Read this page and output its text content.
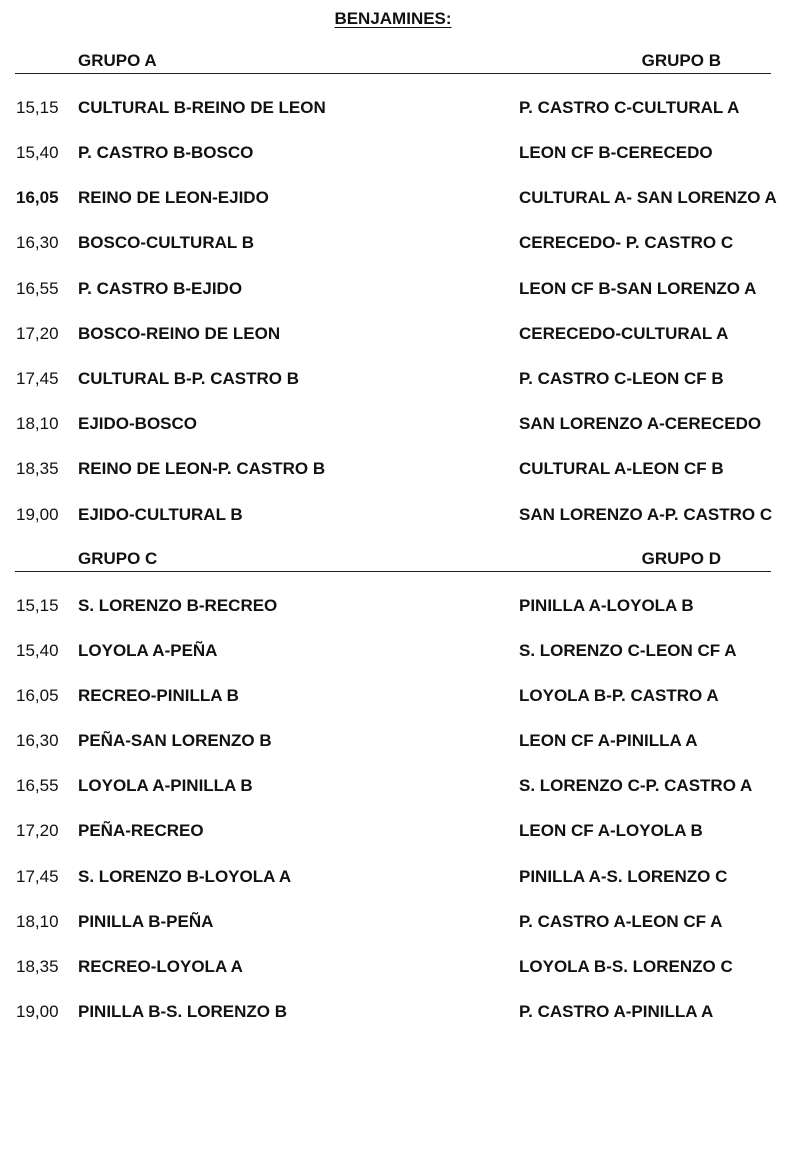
BENJAMINES:
GRUPO A	GRUPO B
15,15 CULTURAL B-REINO DE LEON	P. CASTRO C-CULTURAL A
15,40 P. CASTRO B-BOSCO	LEON CF B-CERECEDO
16,05 REINO DE LEON-EJIDO	CULTURAL A- SAN LORENZO A
16,30 BOSCO-CULTURAL B	CERECEDO- P. CASTRO C
16,55 P. CASTRO B-EJIDO	LEON CF B-SAN LORENZO A
17,20 BOSCO-REINO DE LEON	CERECEDO-CULTURAL A
17,45 CULTURAL B-P. CASTRO B	P. CASTRO C-LEON CF B
18,10 EJIDO-BOSCO	SAN LORENZO A-CERECEDO
18,35 REINO DE LEON-P. CASTRO B	CULTURAL A-LEON CF B
19,00 EJIDO-CULTURAL B	SAN LORENZO A-P. CASTRO C
GRUPO C	GRUPO D
15,15 S. LORENZO B-RECREO	PINILLA A-LOYOLA B
15,40 LOYOLA A-PEÑA	S. LORENZO C-LEON CF A
16,05 RECREO-PINILLA B	LOYOLA B-P. CASTRO A
16,30 PEÑA-SAN LORENZO B	LEON CF A-PINILLA A
16,55 LOYOLA A-PINILLA B	S. LORENZO C-P. CASTRO A
17,20 PEÑA-RECREO	LEON CF A-LOYOLA B
17,45 S. LORENZO B-LOYOLA A	PINILLA A-S. LORENZO C
18,10 PINILLA B-PEÑA	P. CASTRO A-LEON CF A
18,35 RECREO-LOYOLA A	LOYOLA B-S. LORENZO C
19,00 PINILLA B-S. LORENZO B	P. CASTRO A-PINILLA A
